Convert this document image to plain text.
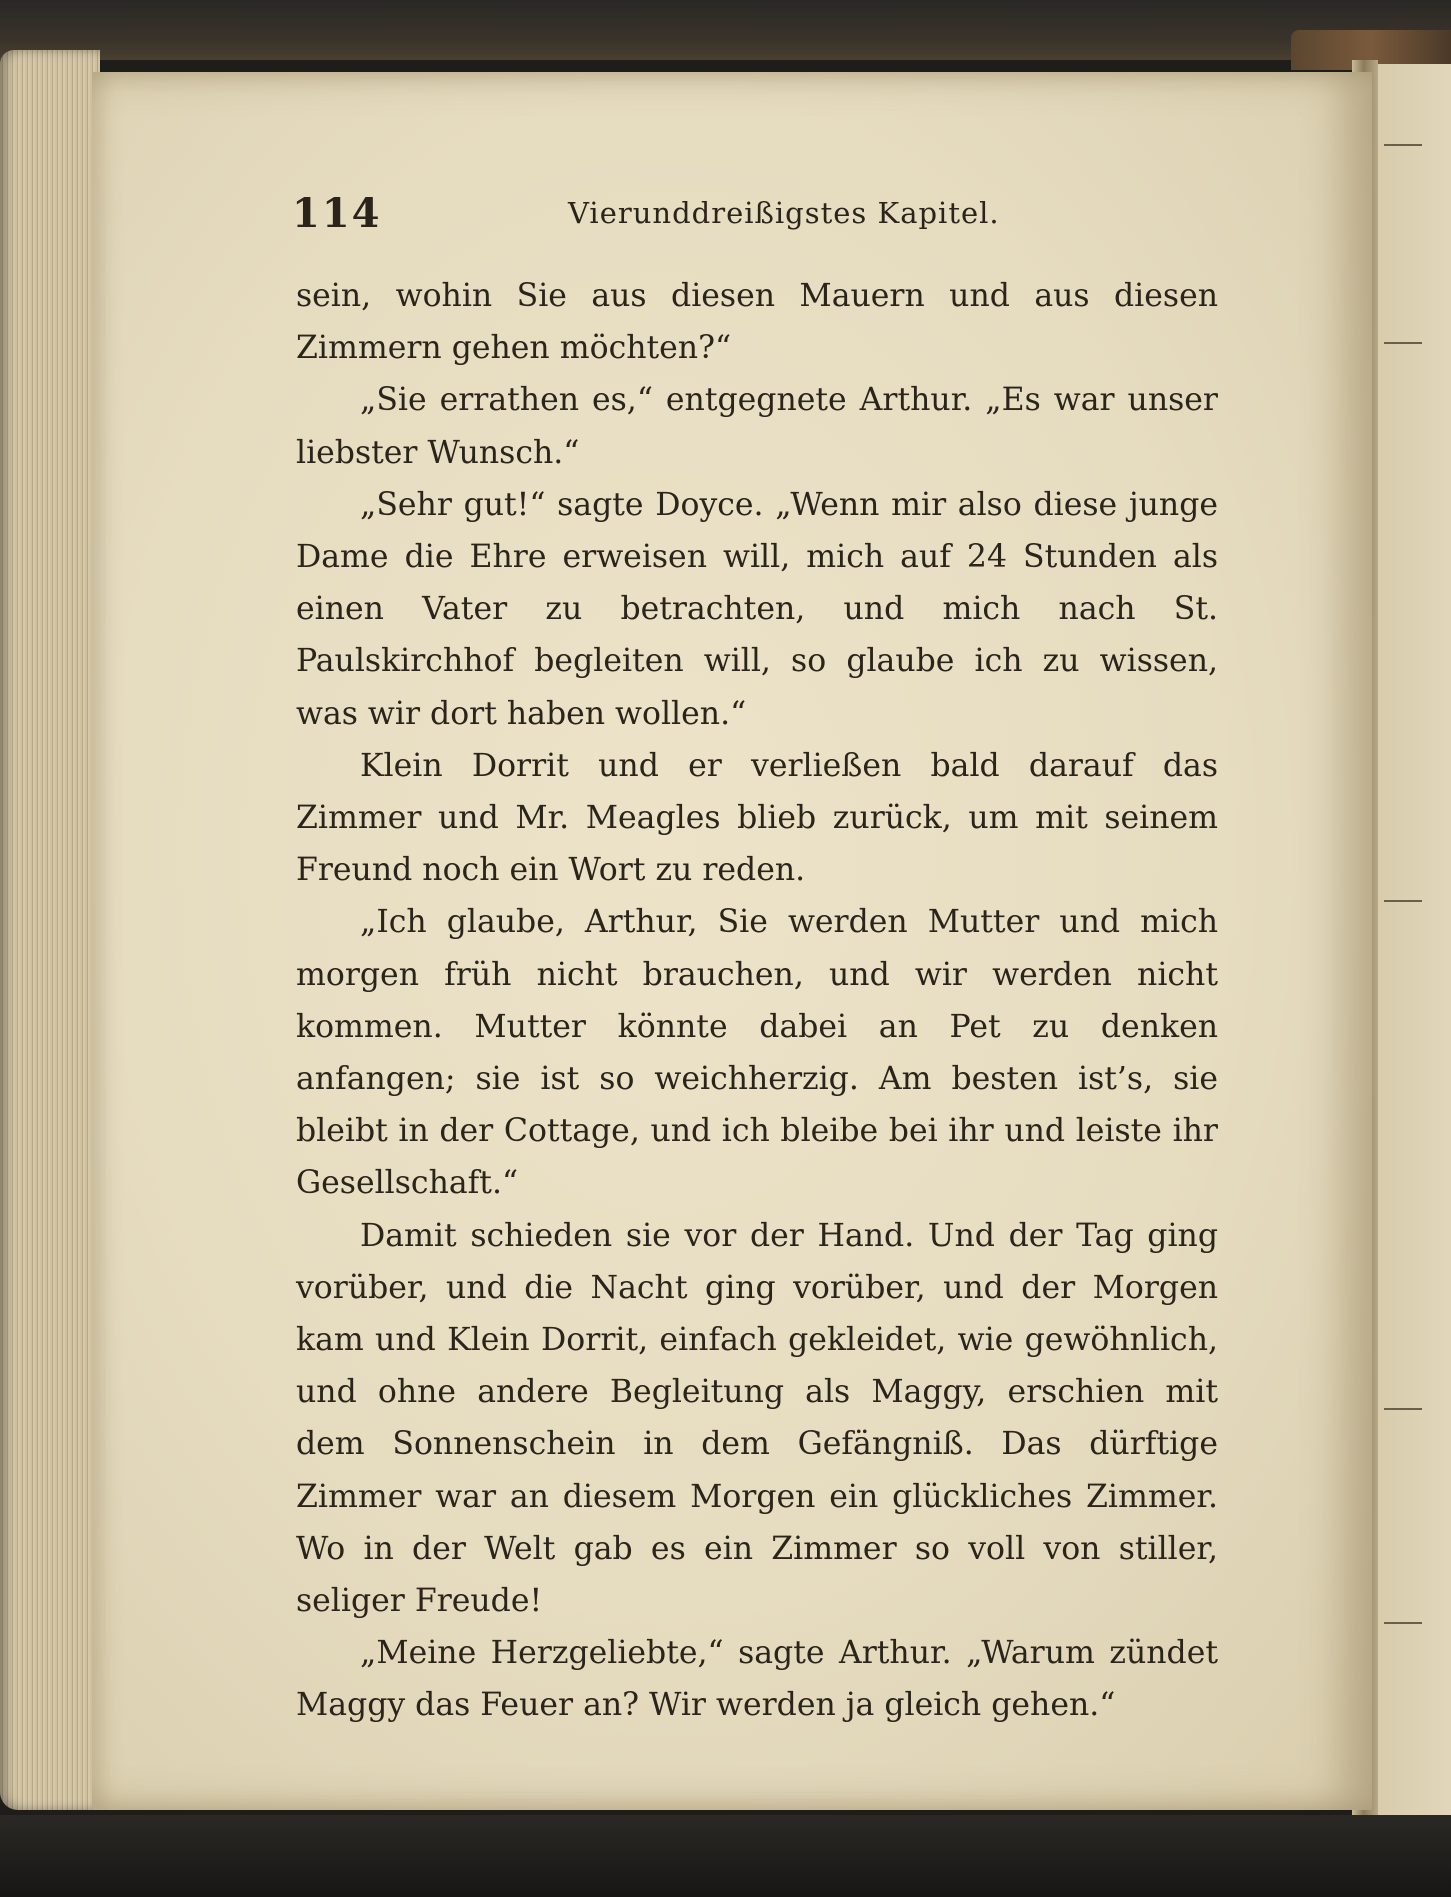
114	Vierunddreißigstes Kapitel.

sein, wohin Sie aus diesen Mauern und aus diesen Zimmern gehen möchten?“

„Sie errathen es,“ entgegnete Arthur. „Es war unser liebster Wunsch.“

„Sehr gut!“ sagte Doyce. „Wenn mir also diese junge Dame die Ehre erweisen will, mich auf 24 Stunden als einen Vater zu betrachten, und mich nach St. Paulskirchhof begleiten will, so glaube ich zu wissen, was wir dort haben wollen.“

Klein Dorrit und er verließen bald darauf das Zimmer und Mr. Meagles blieb zurück, um mit seinem Freund noch ein Wort zu reden.

„Ich glaube, Arthur, Sie werden Mutter und mich morgen früh nicht brauchen, und wir werden nicht kommen. Mutter könnte dabei an Pet zu denken anfangen; sie ist so weichherzig. Am besten ist’s, sie bleibt in der Cottage, und ich bleibe bei ihr und leiste ihr Gesellschaft.“

Damit schieden sie vor der Hand. Und der Tag ging vorüber, und die Nacht ging vorüber, und der Morgen kam und Klein Dorrit, einfach gekleidet, wie gewöhnlich, und ohne andere Begleitung als Maggy, erschien mit dem Sonnenschein in dem Gefängniß. Das dürftige Zimmer war an diesem Morgen ein glückliches Zimmer. Wo in der Welt gab es ein Zimmer so voll von stiller, seliger Freude!

„Meine Herzgeliebte,“ sagte Arthur. „Warum zündet Maggy das Feuer an? Wir werden ja gleich gehen.“
